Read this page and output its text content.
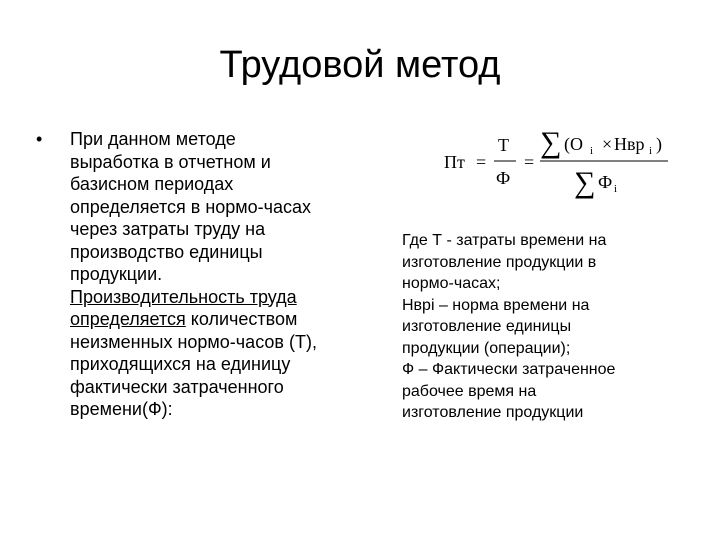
Трудовой метод
•	При данном методе
выработка в отчетном и
базисном периодах
определяется в нормо-часах
через затраты труду на
производство единицы
продукции.
Производительность труда
определяется количеством
неизменных нормо-часов (Т),
приходящихся на единицу
фактически затраченного
времени(Ф):
Пт =
T
Ф
=
∑ (O i × Нвр i )
∑ Ф i
Где Т - затраты времени на
изготовление продукции в
нормо-часах;
Нврі – норма времени на
изготовление единицы
продукции (операции);
Ф – Фактически затраченное
рабочее время на
изготовление продукции
